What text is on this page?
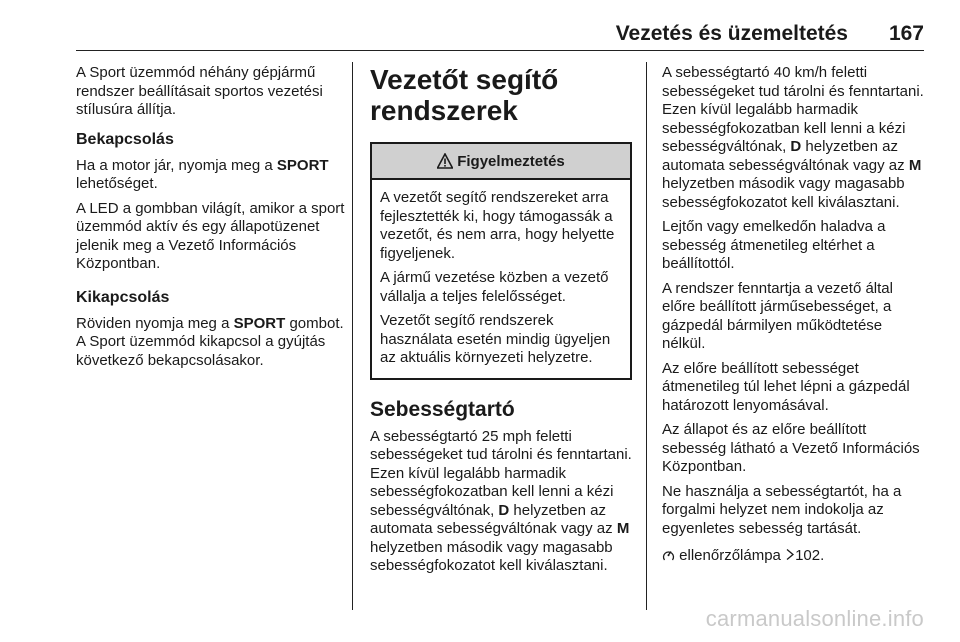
Vezetés és üzemeltetés 167

A Sport üzemmód néhány gépjármű rendszer beállításait sportos vezetési stílusúra állítja.

Bekapcsolás

Ha a motor jár, nyomja meg a SPORT lehetőséget.

A LED a gombban világít, amikor a sport üzemmód aktív és egy állapotüzenet jelenik meg a Vezető Információs Központban.

Kikapcsolás

Röviden nyomja meg a SPORT gombot. A Sport üzemmód kikapcsol a gyújtás következő bekapcsolásakor.

Vezetőt segítő rendszerek
Figyelmeztetés

A vezetőt segítő rendszereket arra fejlesztették ki, hogy támogassák a vezetőt, és nem arra, hogy helyette figyeljenek.

A jármű vezetése közben a vezető vállalja a teljes felelősséget.

Vezetőt segítő rendszerek használata esetén mindig ügyeljen az aktuális környezeti helyzetre.

Sebességtartó

A sebességtartó 25 mph feletti sebességeket tud tárolni és fenntartani. Ezen kívül legalább harmadik sebességfokozatban kell lenni a kézi sebességváltónak, D helyzetben az automata sebességváltónak vagy az M helyzetben második vagy magasabb sebességfokozatot kell kiválasztani.

A sebességtartó 40 km/h feletti sebességeket tud tárolni és fenntartani. Ezen kívül legalább harmadik sebességfokozatban kell lenni a kézi sebességváltónak, D helyzetben az automata sebességváltónak vagy az M helyzetben második vagy magasabb sebességfokozatot kell kiválasztani.

Lejtőn vagy emelkedőn haladva a sebesség átmenetileg eltérhet a beállítottól.

A rendszer fenntartja a vezető által előre beállított járműsebességet, a gázpedál bármilyen működtetése nélkül.

Az előre beállított sebességet átmenetileg túl lehet lépni a gázpedál határozott lenyomásával.

Az állapot és az előre beállított sebesség látható a Vezető Információs Központban.

Ne használja a sebességtartót, ha a forgalmi helyzet nem indokolja az egyenletes sebesség tartását.

ellenőrzőlámpa 102.

carmanualsonline.info
